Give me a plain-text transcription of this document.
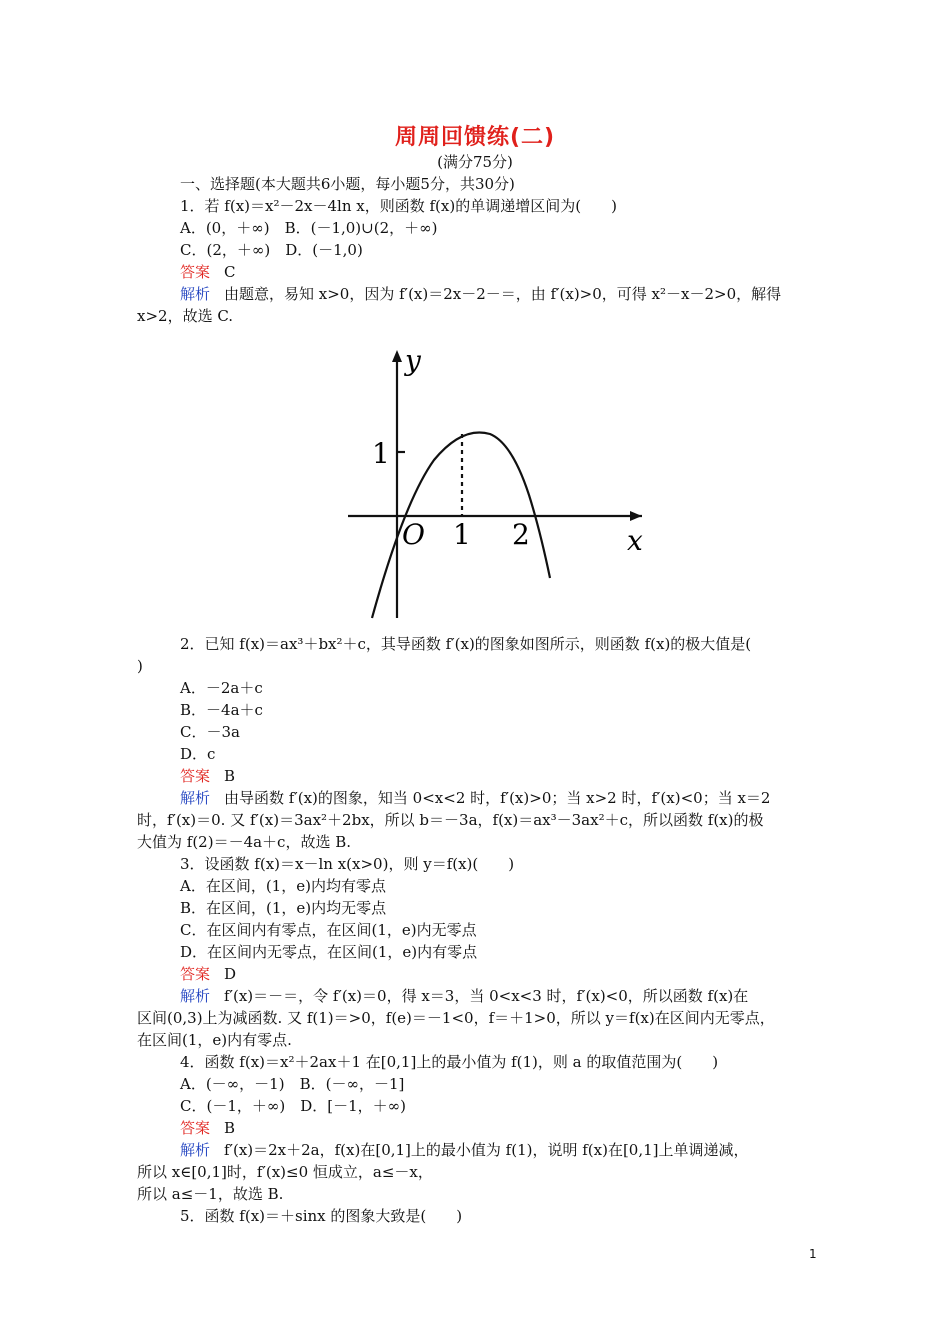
周周回馈练(二)
(满分75分)
一、选择题(本大题共6小题，每小题5分，共30分)
1．若 f(x)＝x²－2x－4ln x，则函数 f(x)的单调递增区间为(　　)
A．(0，＋∞)　B．(－1,0)∪(2，＋∞)
C．(2，＋∞)　D．(－1,0)
答案 C
解析 由题意，易知 x>0，因为 f′(x)＝2x－2－＝，由 f′(x)>0，可得 x²－x－2>0，解得
x>2，故选 C.
y
x
O 1 2
1
2．已知 f(x)＝ax³＋bx²＋c，其导函数 f′(x)的图象如图所示，则函数 f(x)的极大值是(
)
A．－2a＋c
B．－4a＋c
C．－3a
D．c
答案 B
解析 由导函数 f′(x)的图象，知当 0<x<2 时，f′(x)>0；当 x>2 时，f′(x)<0；当 x＝2
时，f′(x)＝0. 又 f′(x)＝3ax²＋2bx，所以 b＝－3a，f(x)＝ax³－3ax²＋c，所以函数 f(x)的极
大值为 f(2)＝－4a＋c，故选 B.
3．设函数 f(x)＝x－ln x(x>0)，则 y＝f(x)(　　)
A．在区间，(1，e)内均有零点
B．在区间，(1，e)内均无零点
C．在区间内有零点，在区间(1，e)内无零点
D．在区间内无零点，在区间(1，e)内有零点
答案 D
解析 f′(x)＝－＝，令 f′(x)＝0，得 x＝3，当 0<x<3 时，f′(x)<0，所以函数 f(x)在
区间(0,3)上为减函数. 又 f(1)＝>0，f(e)＝－1<0，f＝＋1>0，所以 y＝f(x)在区间内无零点，
在区间(1，e)内有零点.
4．函数 f(x)＝x²＋2ax＋1 在[0,1]上的最小值为 f(1)，则 a 的取值范围为(　　)
A．(－∞，－1)　B．(－∞，－1]
C．(－1，＋∞)　D．[－1，＋∞)
答案 B
解析 f′(x)＝2x＋2a，f(x)在[0,1]上的最小值为 f(1)，说明 f(x)在[0,1]上单调递减，
所以 x∈[0,1]时，f′(x)≤0 恒成立，a≤－x，
所以 a≤－1，故选 B.
5．函数 f(x)＝＋sinx 的图象大致是(　　)
1
